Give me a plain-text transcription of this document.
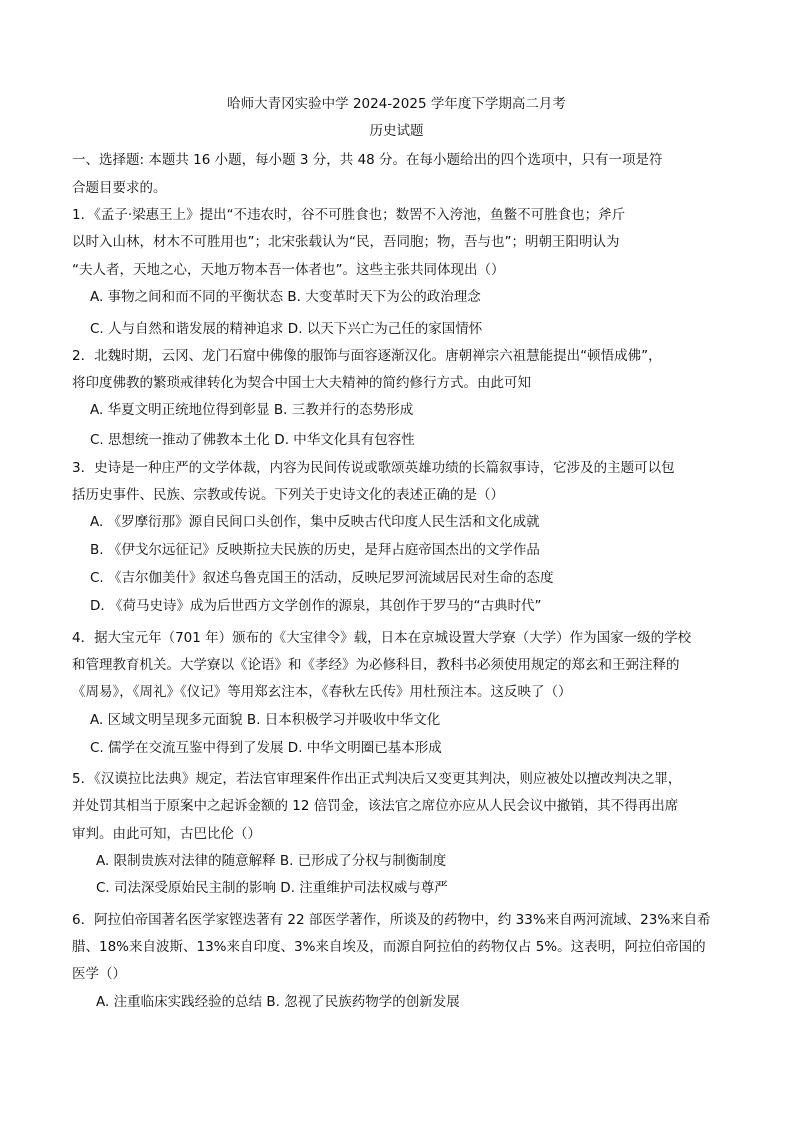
哈师大青冈实验中学 2024-2025 学年度下学期高二月考
历史试题
一、选择题: 本题共 16 小题，每小题 3 分，共 48 分。在每小题给出的四个选项中，只有一项是符
合题目要求的。
1．《孟子·梁惠王上》提出“不违农时，谷不可胜食也；数罟不入洿池，鱼鳖不可胜食也；斧斤
以时入山林，材木不可胜用也”；北宋张载认为“民，吾同胞；物，吾与也”；明朝王阳明认为
“夫人者，天地之心，天地万物本吾一体者也”。这些主张共同体现出（）
A. 事物之间和而不同的平衡状态 B. 大变革时天下为公的政治理念
C. 人与自然和谐发展的精神追求 D. 以天下兴亡为己任的家国情怀
2．北魏时期，云冈、龙门石窟中佛像的服饰与面容逐渐汉化。唐朝禅宗六祖慧能提出“顿悟成佛”，
将印度佛教的繁琐戒律转化为契合中国士大夫精神的简约修行方式。由此可知
A. 华夏文明正统地位得到彰显 B. 三教并行的态势形成
C. 思想统一推动了佛教本土化 D. 中华文化具有包容性
3．史诗是一种庄严的文学体裁，内容为民间传说或歌颂英雄功绩的长篇叙事诗，它涉及的主题可以包
括历史事件、民族、宗教或传说。下列关于史诗文化的表述正确的是（）
A. 《罗摩衍那》源自民间口头创作，集中反映古代印度人民生活和文化成就
B. 《伊戈尔远征记》反映斯拉夫民族的历史，是拜占庭帝国杰出的文学作品
C. 《吉尔伽美什》叙述乌鲁克国王的活动，反映尼罗河流域居民对生命的态度
D. 《荷马史诗》成为后世西方文学创作的源泉，其创作于罗马的“古典时代”
4．据大宝元年（701 年）颁布的《大宝律令》载，日本在京城设置大学寮（大学）作为国家一级的学校
和管理教育机关。大学寮以《论语》和《孝经》为必修科目，教科书必须使用规定的郑玄和王弼注释的
《周易》，《周礼》《仪记》等用郑玄注本，《春秋左氏传》用杜预注本。这反映了（）
A. 区域文明呈现多元面貌 B. 日本积极学习并吸收中华文化
C. 儒学在交流互鉴中得到了发展 D. 中华文明圈已基本形成
5．《汉谟拉比法典》规定，若法官审理案件作出正式判决后又变更其判决，则应被处以擅改判决之罪，
并处罚其相当于原案中之起诉金额的 12 倍罚金，该法官之席位亦应从人民会议中撤销，其不得再出席
审判。由此可知，古巴比伦（）
A. 限制贵族对法律的随意解释 B. 已形成了分权与制衡制度
C. 司法深受原始民主制的影响 D. 注重维护司法权威与尊严
6．阿拉伯帝国著名医学家铿迭著有 22 部医学著作，所谈及的药物中，约 33%来自两河流域、23%来自希
腊、18%来自波斯、13%来自印度、3%来自埃及，而源自阿拉伯的药物仅占 5%。这表明，阿拉伯帝国的
医学（）
A. 注重临床实践经验的总结 B. 忽视了民族药物学的创新发展
